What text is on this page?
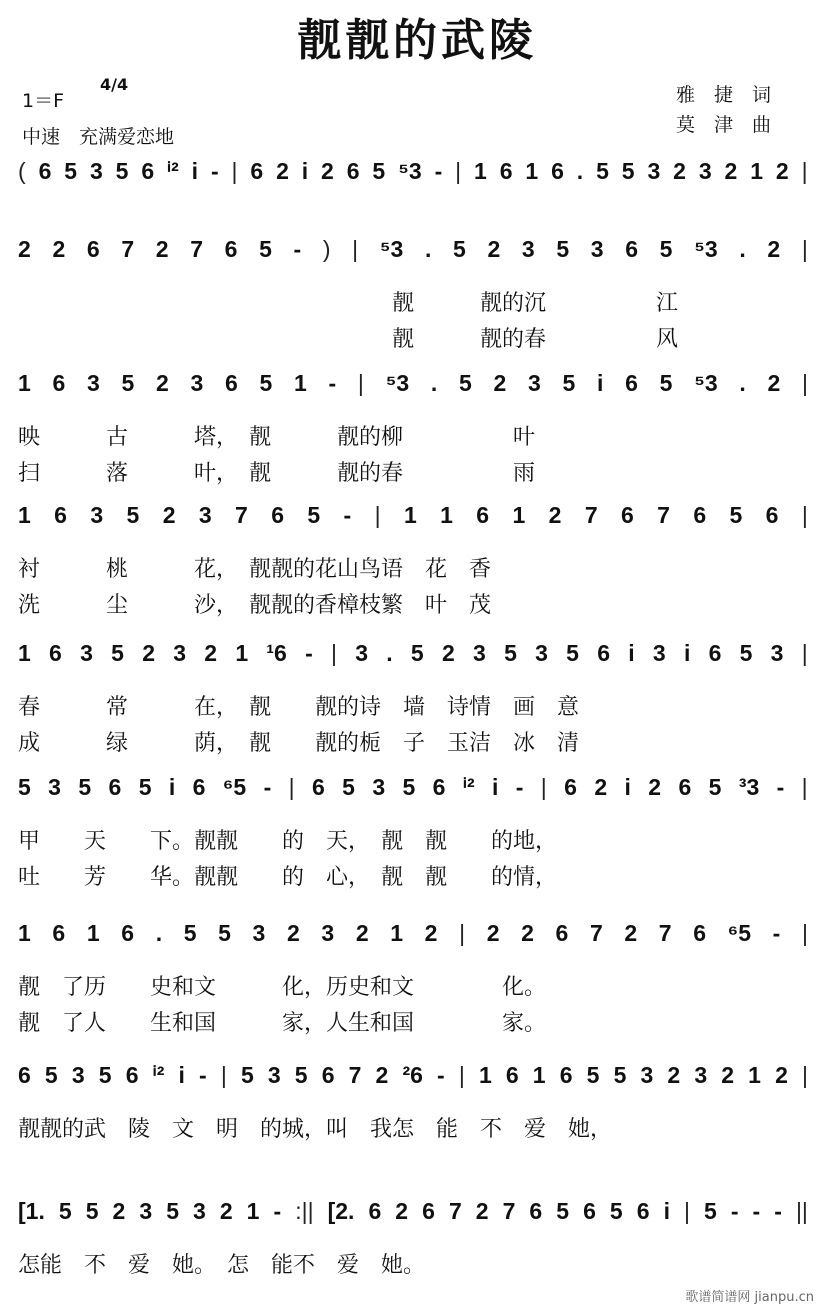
靓靓的武陵
1＝F
4/4
中速　充满爱恋地
雅　捷　词
莫　津　曲
( 6 5 3 5 6 ⁱ² i - | 6 2 i 2 6 5 ⁵3 - | 1 6 1 6 . 5 5 3 2 3 2 1 2 |
2 2 6 7 2 7 6 5 - ) | ⁵3 . 5 2 3 5 3 6 5 ⁵3 . 2 |
　　　　　　　　　　　　　　　　　靓　　　靓的沉　　　　　江
　　　　　　　　　　　　　　　　　靓　　　靓的春　　　　　风
1 6 3 5 2 3 6 5 1 - | ⁵3 . 5 2 3 5 i 6 5 ⁵3 . 2 |
映　　　古　　　塔，　靓　　　靓的柳　　　　　叶
扫　　　落　　　叶，　靓　　　靓的春　　　　　雨
1 6 3 5 2 3 7 6 5 - | 1 1 6 1 2 7 6 7 6 5 6 |
衬　　　桃　　　花，　靓靓的花山鸟语　花　香
洗　　　尘　　　沙，　靓靓的香樟枝繁　叶　茂
1 6 3 5 2 3 2 1 ¹6 - | 3 . 5 2 3 5 3 5 6 i 3 i 6 5 3 |
春　　　常　　　在，　靓　　靓的诗　墙　诗情　画　意
成　　　绿　　　荫，　靓　　靓的栀　子　玉洁　冰　清
5 3 5 6 5 i 6 ⁶5 - | 6 5 3 5 6 ⁱ² i - | 6 2 i 2 6 5 ³3 - |
甲　　天　　下。靓靓　　的　天，　靓　靓　　的地，
吐　　芳　　华。靓靓　　的　心，　靓　靓　　的情，
1 6 1 6 . 5 5 3 2 3 2 1 2 | 2 2 6 7 2 7 6 ⁶5 - |
靓　了历　　史和文　　　化，历史和文　　　　化。
靓　了人　　生和国　　　家，人生和国　　　　家。
6 5 3 5 6 ⁱ² i - | 5 3 5 6 7 2 ²6 - | 1 6 1 6 5 5 3 2 3 2 1 2 |
靓靓的武　陵　文　明　的城，叫　我怎　能　不　爱　她，
[1. 5 5 2 3 5 3 2 1 - :|| [2. 6 2 6 7 2 7 6 5 6 5 6 i | 5 - - - ||
怎能　不　爱　她。　怎　能不　爱　她。
歌谱简谱网 jianpu.cn
